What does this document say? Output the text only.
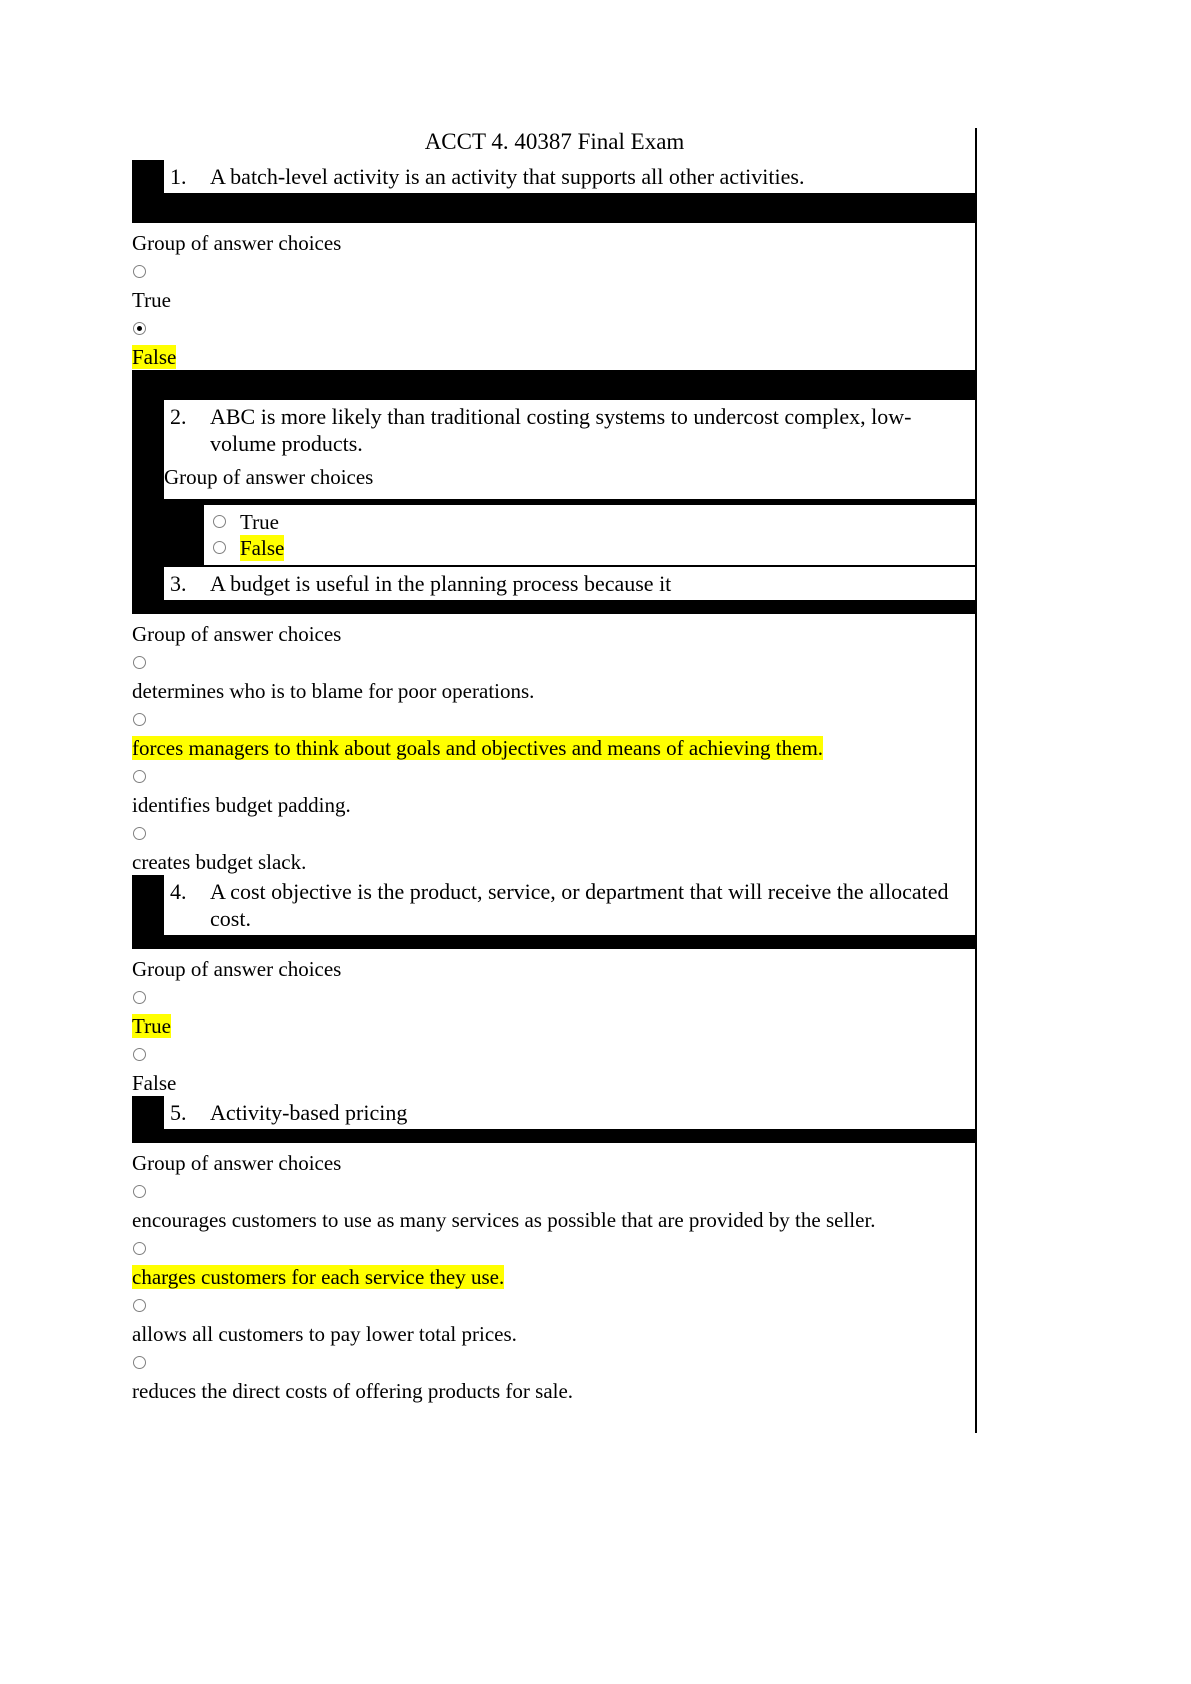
ACCT 4. 40387 Final Exam
1.	A batch-level activity is an activity that supports all other activities.
Group of answer choices
True
False
2.	ABC is more likely than traditional costing systems to undercost complex, low-volume products.
Group of answer choices
True
False
3.	A budget is useful in the planning process because it
Group of answer choices
determines who is to blame for poor operations.
forces managers to think about goals and objectives and means of achieving them.
identifies budget padding.
creates budget slack.
4.	A cost objective is the product, service, or department that will receive the allocated cost.
Group of answer choices
True
False
5.	Activity-based pricing
Group of answer choices
encourages customers to use as many services as possible that are provided by the seller.
charges customers for each service they use.
allows all customers to pay lower total prices.
reduces the direct costs of offering products for sale.
